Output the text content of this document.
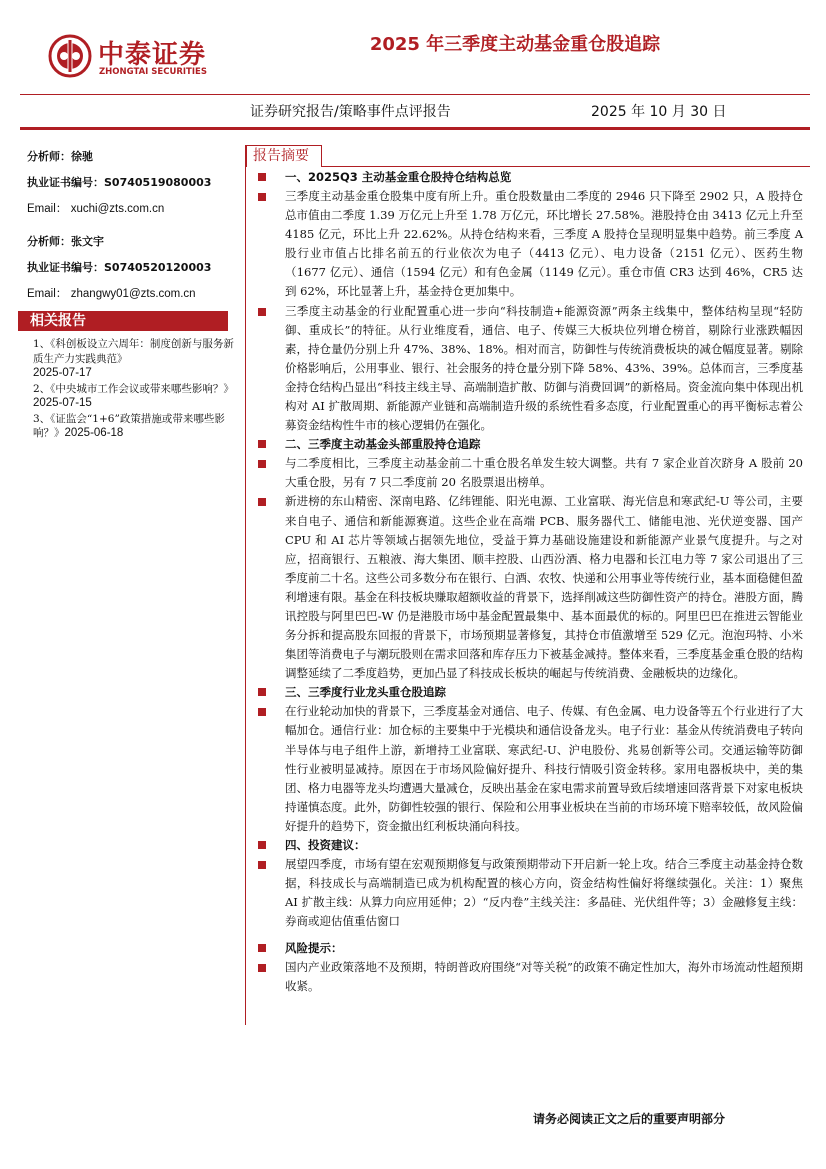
中泰证券
ZHONGTAI SECURITIES
2025 年三季度主动基金重仓股追踪
证券研究报告/策略事件点评报告	2025 年 10 月 30 日
分析师：徐驰
执业证书编号：S0740519080003
Email： xuchi@zts.com.cn
分析师：张文宇
执业证书编号：S0740520120003
Email： zhangwy01@zts.com.cn
相关报告
1、《科创板设立六周年：制度创新与服务新质生产力实践典范》
2025-07-17
2、《中央城市工作会议或带来哪些影响？》2025-07-15
3、《证监会“1+6”政策措施或带来哪些影响？》2025-06-18
报告摘要
一、2025Q3 主动基金重仓股持仓结构总览
三季度主动基金重仓股集中度有所上升。重仓股数量由二季度的 2946 只下降至 2902 只，A 股持仓总市值由二季度 1.39 万亿元上升至 1.78 万亿元，环比增长 27.58%。港股持仓由 3413 亿元上升至 4185 亿元，环比上升 22.62%。从持仓结构来看，三季度 A 股持仓呈现明显集中趋势。前三季度 A 股行业市值占比排名前五的行业依次为电子（4413 亿元）、电力设备（2151 亿元）、医药生物（1677 亿元）、通信（1594 亿元）和有色金属（1149 亿元）。重仓市值 CR3 达到 46%，CR5 达到 62%，环比显著上升，基金持仓更加集中。
三季度主动基金的行业配置重心进一步向“科技制造+能源资源”两条主线集中，整体结构呈现“轻防御、重成长”的特征。从行业维度看，通信、电子、传媒三大板块位列增仓榜首，剔除行业涨跌幅因素，持仓量仍分别上升 47%、38%、18%。相对而言，防御性与传统消费板块的减仓幅度显著。剔除价格影响后，公用事业、银行、社会服务的持仓量分别下降 58%、43%、39%。总体而言，三季度基金持仓结构凸显出“科技主线主导、高端制造扩散、防御与消费回调”的新格局。资金流向集中体现出机构对 AI 扩散周期、新能源产业链和高端制造升级的系统性看多态度，行业配置重心的再平衡标志着公募资金结构性牛市的核心逻辑仍在强化。
二、三季度主动基金头部重股持仓追踪
与二季度相比，三季度主动基金前二十重仓股名单发生较大调整。共有 7 家企业首次跻身 A 股前 20 大重仓股，另有 7 只二季度前 20 名股票退出榜单。
新进榜的东山精密、深南电路、亿纬锂能、阳光电源、工业富联、海光信息和寒武纪-U 等公司，主要来自电子、通信和新能源赛道。这些企业在高端 PCB、服务器代工、储能电池、光伏逆变器、国产 CPU 和 AI 芯片等领域占据领先地位，受益于算力基础设施建设和新能源产业景气度提升。与之对应，招商银行、五粮液、海大集团、顺丰控股、山西汾酒、格力电器和长江电力等 7 家公司退出了三季度前二十名。这些公司多数分布在银行、白酒、农牧、快递和公用事业等传统行业，基本面稳健但盈利增速有限。基金在科技板块赚取超额收益的背景下，选择削减这些防御性资产的持仓。港股方面，腾讯控股与阿里巴巴-W 仍是港股市场中基金配置最集中、基本面最优的标的。阿里巴巴在推进云智能业务分拆和提高股东回报的背景下，市场预期显著修复，其持仓市值激增至 529 亿元。泡泡玛特、小米集团等消费电子与潮玩股则在需求回落和库存压力下被基金减持。整体来看，三季度基金重仓股的结构调整延续了二季度趋势，更加凸显了科技成长板块的崛起与传统消费、金融板块的边缘化。
三、三季度行业龙头重仓股追踪
在行业轮动加快的背景下，三季度基金对通信、电子、传媒、有色金属、电力设备等五个行业进行了大幅加仓。通信行业：加仓标的主要集中于光模块和通信设备龙头。电子行业：基金从传统消费电子转向半导体与电子组件上游，新增持工业富联、寒武纪-U、沪电股份、兆易创新等公司。交通运输等防御性行业被明显减持。原因在于市场风险偏好提升、科技行情吸引资金转移。家用电器板块中，美的集团、格力电器等龙头均遭遇大量减仓，反映出基金在家电需求前置导致后续增速回落背景下对家电板块持谨慎态度。此外，防御性较强的银行、保险和公用事业板块在当前的市场环境下赔率较低，故风险偏好提升的趋势下，资金撤出红利板块涌向科技。
四、投资建议：
展望四季度，市场有望在宏观预期修复与政策预期带动下开启新一轮上攻。结合三季度主动基金持仓数据，科技成长与高端制造已成为机构配置的核心方向，资金结构性偏好将继续强化。关注：1）聚焦 AI 扩散主线：从算力向应用延伸；2）“反内卷”主线关注：多晶硅、光伏组件等；3）金融修复主线：券商或迎估值重估窗口
风险提示：
国内产业政策落地不及预期，特朗普政府围绕“对等关税”的政策不确定性加大，海外市场流动性超预期收紧。
请务必阅读正文之后的重要声明部分
